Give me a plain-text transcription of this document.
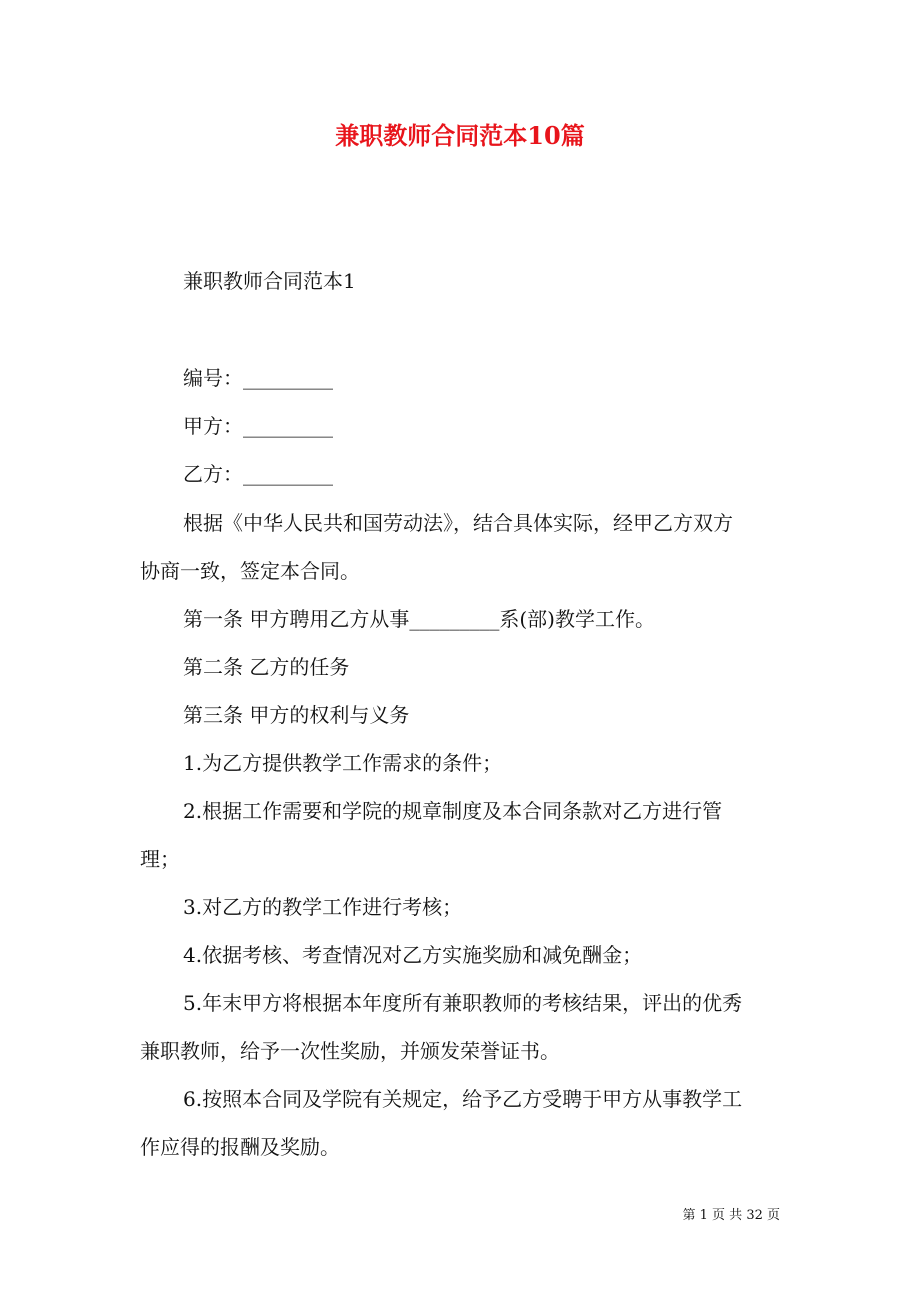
兼职教师合同范本10篇
兼职教师合同范本1
编号：_________
甲方：_________
乙方：_________
根据《中华人民共和国劳动法》，结合具体实际，经甲乙方双方
协商一致，签定本合同。
第一条 甲方聘用乙方从事_________系(部)教学工作。
第二条 乙方的任务
第三条 甲方的权利与义务
1.为乙方提供教学工作需求的条件；
2.根据工作需要和学院的规章制度及本合同条款对乙方进行管
理；
3.对乙方的教学工作进行考核；
4.依据考核、考查情况对乙方实施奖励和减免酬金；
5.年末甲方将根据本年度所有兼职教师的考核结果，评出的优秀
兼职教师，给予一次性奖励，并颁发荣誉证书。
6.按照本合同及学院有关规定，给予乙方受聘于甲方从事教学工
作应得的报酬及奖励。
第 1 页 共 32 页
